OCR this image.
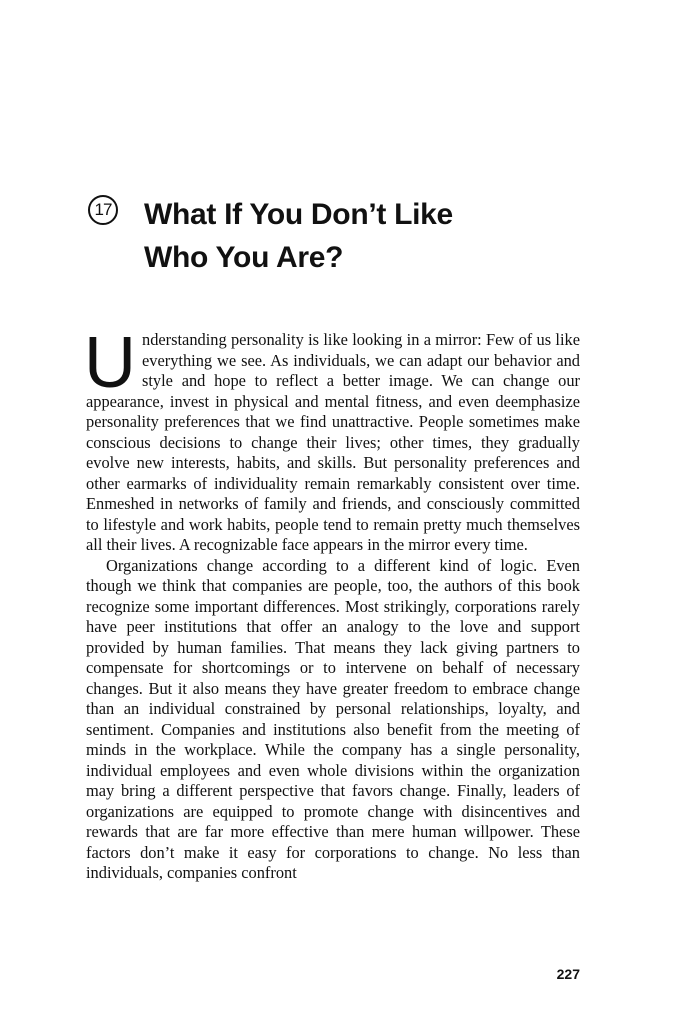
17 What If You Don’t Like
Who You Are?

Understanding personality is like looking in a mirror: Few of us like everything we see. As individuals, we can adapt our behavior and style and hope to reflect a better image. We can change our appearance, invest in physical and mental fitness, and even deemphasize personality preferences that we find unattractive. People sometimes make conscious decisions to change their lives; other times, they gradually evolve new interests, habits, and skills. But personality preferences and other earmarks of individuality remain remarkably consistent over time. Enmeshed in networks of family and friends, and consciously committed to lifestyle and work habits, people tend to remain pretty much themselves all their lives. A recognizable face appears in the mirror every time.

Organizations change according to a different kind of logic. Even though we think that companies are people, too, the authors of this book recognize some important differences. Most strikingly, corporations rarely have peer institutions that offer an analogy to the love and support provided by human families. That means they lack giving partners to compensate for shortcomings or to intervene on behalf of necessary changes. But it also means they have greater freedom to embrace change than an individual constrained by personal relationships, loyalty, and sentiment. Companies and institutions also benefit from the meeting of minds in the workplace. While the company has a single personality, individual employees and even whole divisions within the organization may bring a different perspective that favors change. Finally, leaders of organizations are equipped to promote change with disincentives and rewards that are far more effective than mere human willpower. These factors don’t make it easy for corporations to change. No less than individuals, companies confront

227
